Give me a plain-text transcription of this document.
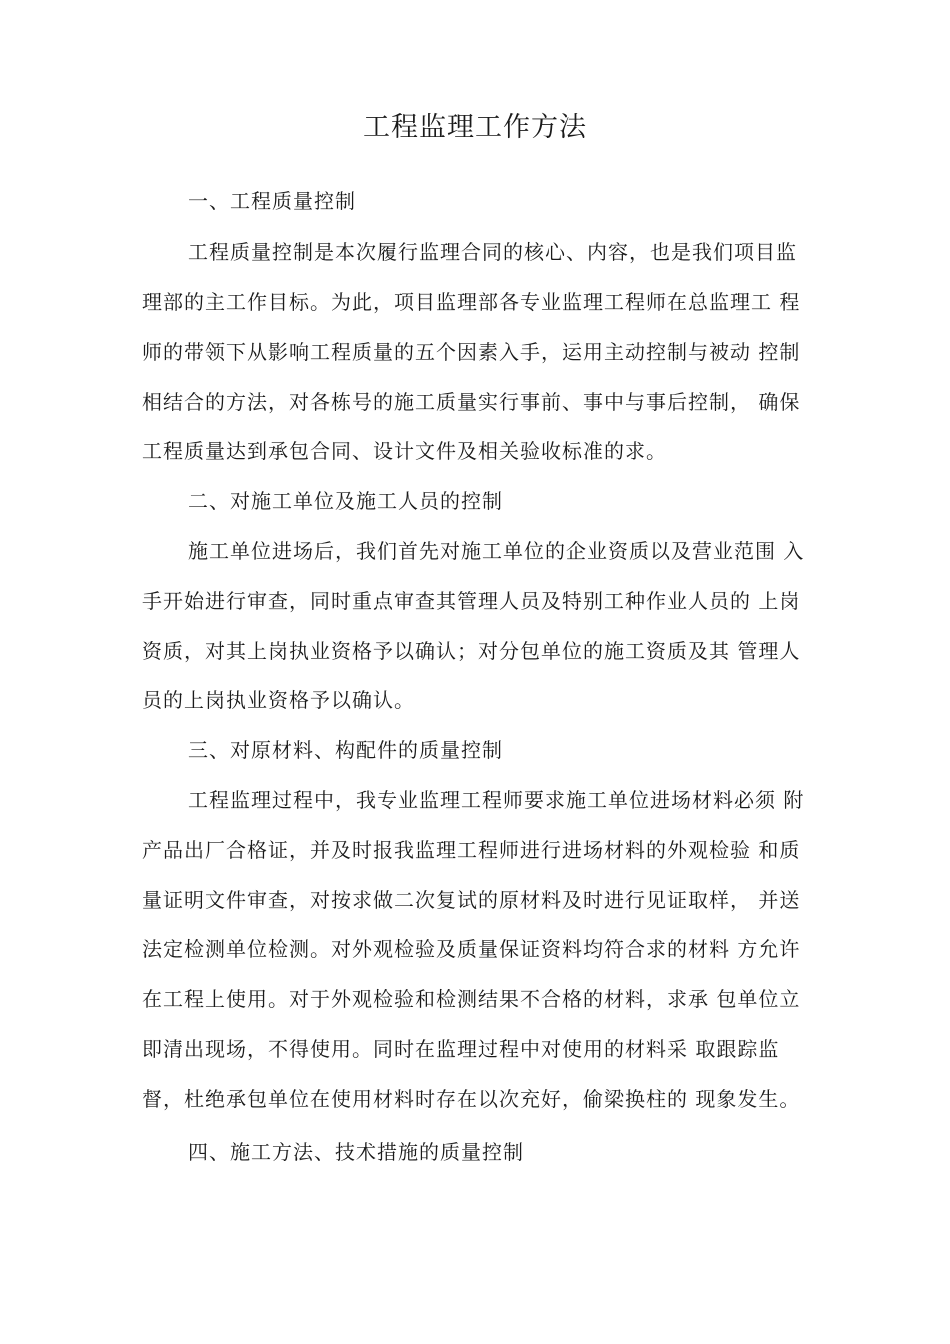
工程监理工作方法
一、工程质量控制
工程质量控制是本次履行监理合同的核心、内容，也是我们项目监
理部的主工作目标。为此，项目监理部各专业监理工程师在总监理工 程
师的带领下从影响工程质量的五个因素入手，运用主动控制与被动 控制
相结合的方法，对各栋号的施工质量实行事前、事中与事后控制， 确保
工程质量达到承包合同、设计文件及相关验收标准的求。
二、对施工单位及施工人员的控制
施工单位进场后，我们首先对施工单位的企业资质以及营业范围 入
手开始进行审查，同时重点审查其管理人员及特别工种作业人员的 上岗
资质，对其上岗执业资格予以确认；对分包单位的施工资质及其 管理人
员的上岗执业资格予以确认。
三、对原材料、构配件的质量控制
工程监理过程中，我专业监理工程师要求施工单位进场材料必须 附
产品出厂合格证，并及时报我监理工程师进行进场材料的外观检验 和质
量证明文件审查，对按求做二次复试的原材料及时进行见证取样， 并送
法定检测单位检测。对外观检验及质量保证资料均符合求的材料 方允许
在工程上使用。对于外观检验和检测结果不合格的材料，求承 包单位立
即清出现场，不得使用。同时在监理过程中对使用的材料采 取跟踪监
督，杜绝承包单位在使用材料时存在以次充好，偷梁换柱的 现象发生。
四、施工方法、技术措施的质量控制
